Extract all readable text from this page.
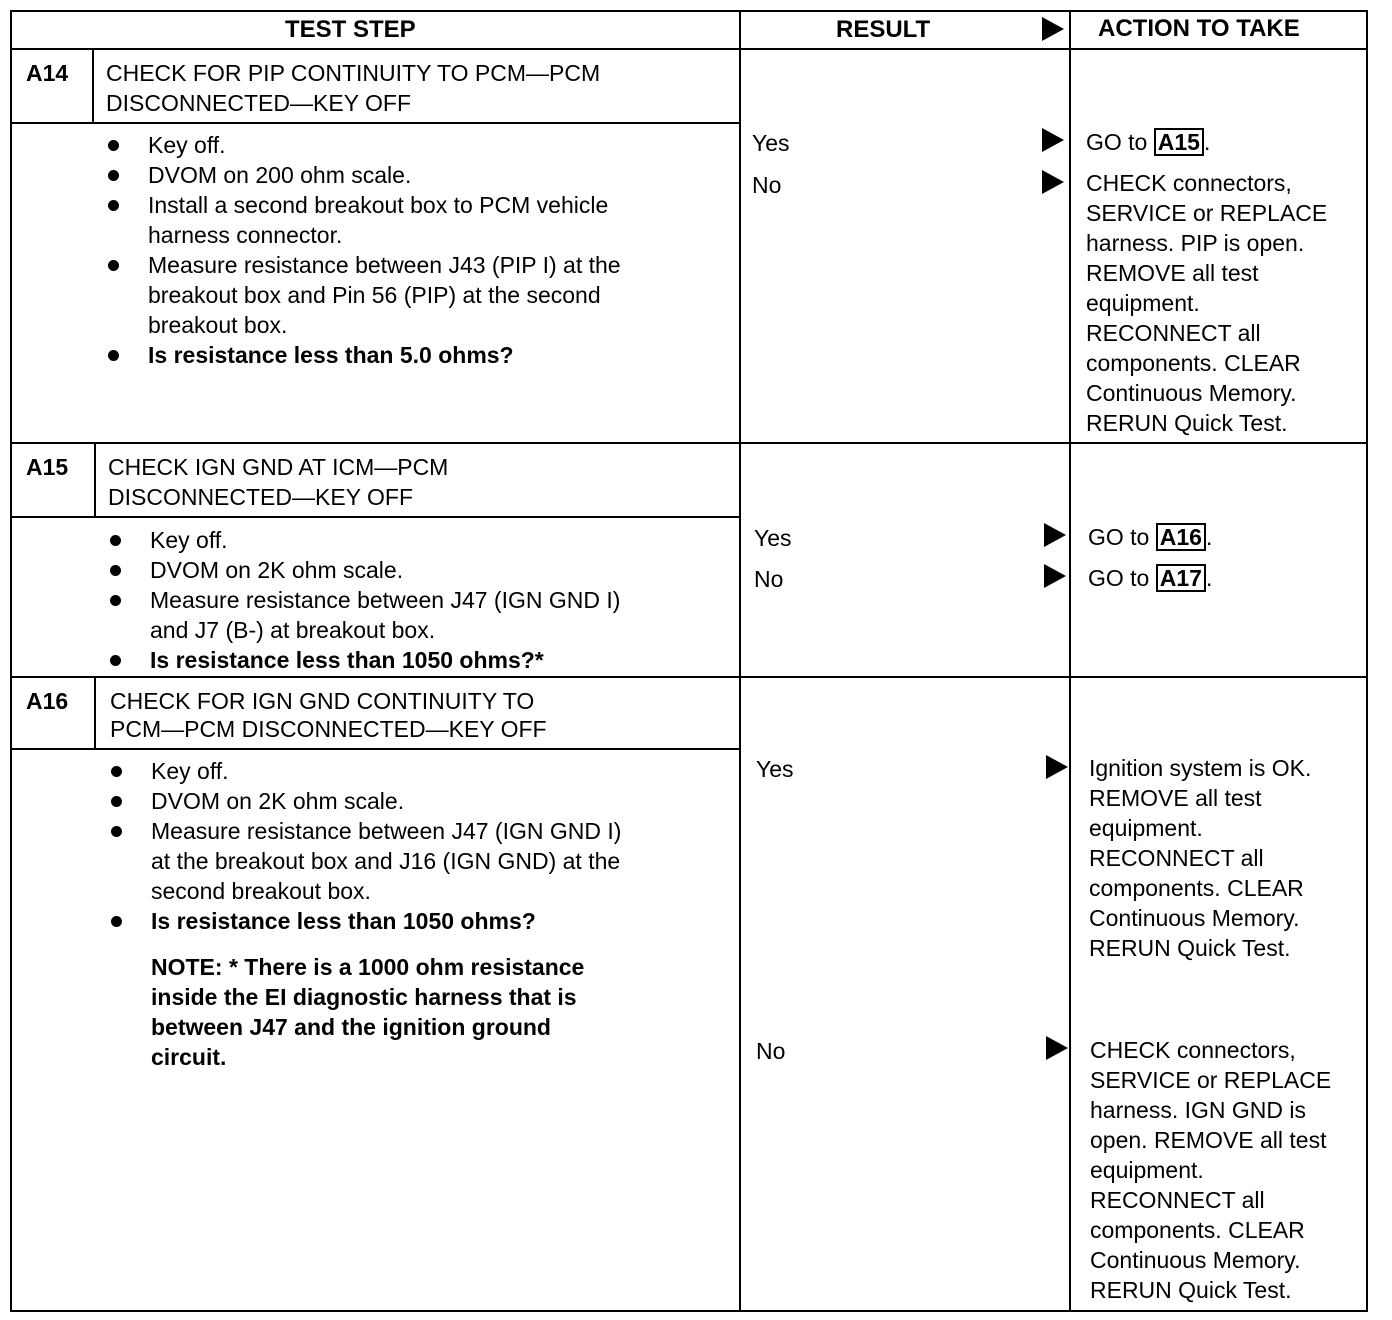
TEST STEP	RESULT	ACTION TO TAKE
A14 CHECK FOR PIP CONTINUITY TO PCM—PCM
DISCONNECTED—KEY OFF
Key off.
DVOM on 200 ohm scale.
Install a second breakout box to PCM vehicle
harness connector.
Measure resistance between J43 (PIP I) at the
breakout box and Pin 56 (PIP) at the second
breakout box.
Is resistance less than 5.0 ohms?
Yes	GO to A15 .
No	CHECK connectors,
SERVICE or REPLACE
harness. PIP is open.
REMOVE all test
equipment.
RECONNECT all
components. CLEAR
Continuous Memory.
RERUN Quick Test.
A15 CHECK IGN GND AT ICM—PCM
DISCONNECTED—KEY OFF
Key off.
DVOM on 2K ohm scale.
Measure resistance between J47 (IGN GND I)
and J7 (B-) at breakout box.
Is resistance less than 1050 ohms?*
Yes	GO to A16 .
No	GO to A17 .
A16 CHECK FOR IGN GND CONTINUITY TO
PCM—PCM DISCONNECTED—KEY OFF
Key off.
DVOM on 2K ohm scale.
Measure resistance between J47 (IGN GND I)
at the breakout box and J16 (IGN GND) at the
second breakout box.
Is resistance less than 1050 ohms?
NOTE: * There is a 1000 ohm resistance
inside the EI diagnostic harness that is
between J47 and the ignition ground
circuit.
Yes	Ignition system is OK.
REMOVE all test
equipment.
RECONNECT all
components. CLEAR
Continuous Memory.
RERUN Quick Test.
No	CHECK connectors,
SERVICE or REPLACE
harness. IGN GND is
open. REMOVE all test
equipment.
RECONNECT all
components. CLEAR
Continuous Memory.
RERUN Quick Test.
